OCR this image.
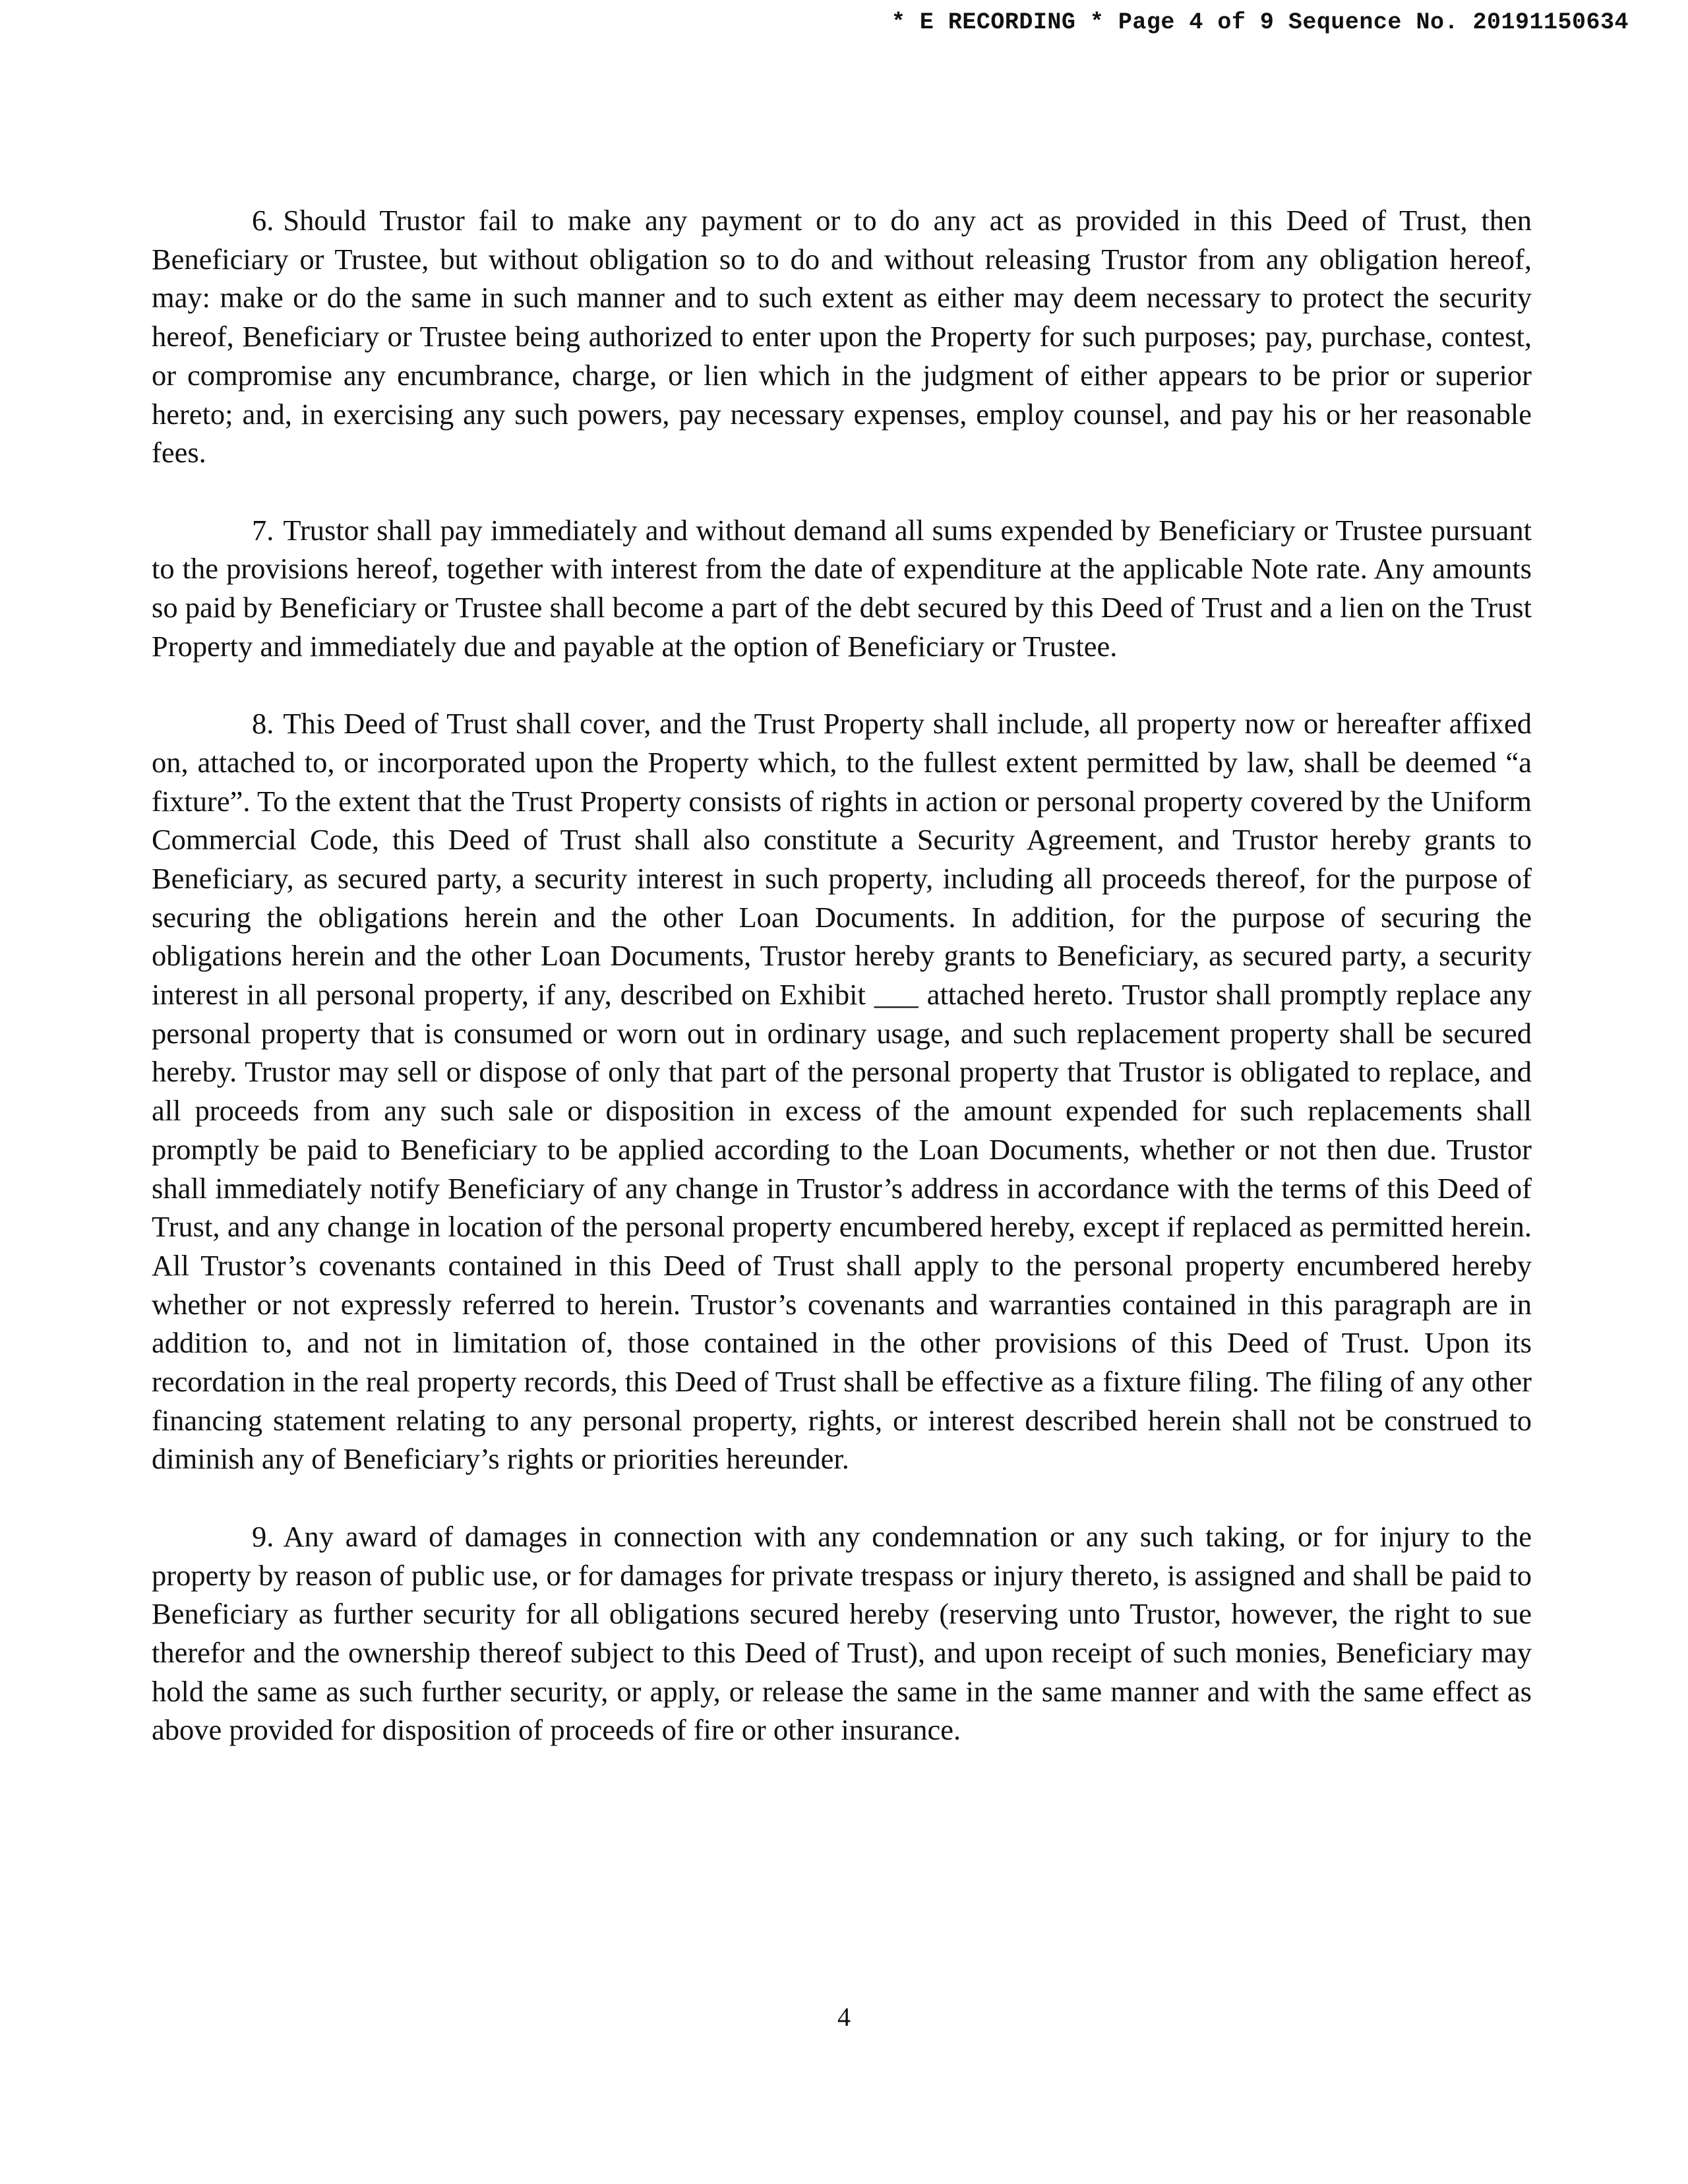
* E RECORDING * Page 4 of 9 Sequence No. 20191150634

6. Should Trustor fail to make any payment or to do any act as provided in this Deed of Trust, then Beneficiary or Trustee, but without obligation so to do and without releasing Trustor from any obligation hereof, may: make or do the same in such manner and to such extent as either may deem necessary to protect the security hereof, Beneficiary or Trustee being authorized to enter upon the Property for such purposes; pay, purchase, contest, or compromise any encumbrance, charge, or lien which in the judgment of either appears to be prior or superior hereto; and, in exercising any such powers, pay necessary expenses, employ counsel, and pay his or her reasonable fees.

7. Trustor shall pay immediately and without demand all sums expended by Beneficiary or Trustee pursuant to the provisions hereof, together with interest from the date of expenditure at the applicable Note rate. Any amounts so paid by Beneficiary or Trustee shall become a part of the debt secured by this Deed of Trust and a lien on the Trust Property and immediately due and payable at the option of Beneficiary or Trustee.

8. This Deed of Trust shall cover, and the Trust Property shall include, all property now or hereafter affixed on, attached to, or incorporated upon the Property which, to the fullest extent permitted by law, shall be deemed “a fixture”. To the extent that the Trust Property consists of rights in action or personal property covered by the Uniform Commercial Code, this Deed of Trust shall also constitute a Security Agreement, and Trustor hereby grants to Beneficiary, as secured party, a security interest in such property, including all proceeds thereof, for the purpose of securing the obligations herein and the other Loan Documents. In addition, for the purpose of securing the obligations herein and the other Loan Documents, Trustor hereby grants to Beneficiary, as secured party, a security interest in all personal property, if any, described on Exhibit ___ attached hereto. Trustor shall promptly replace any personal property that is consumed or worn out in ordinary usage, and such replacement property shall be secured hereby. Trustor may sell or dispose of only that part of the personal property that Trustor is obligated to replace, and all proceeds from any such sale or disposition in excess of the amount expended for such replacements shall promptly be paid to Beneficiary to be applied according to the Loan Documents, whether or not then due. Trustor shall immediately notify Beneficiary of any change in Trustor’s address in accordance with the terms of this Deed of Trust, and any change in location of the personal property encumbered hereby, except if replaced as permitted herein. All Trustor’s covenants contained in this Deed of Trust shall apply to the personal property encumbered hereby whether or not expressly referred to herein. Trustor’s covenants and warranties contained in this paragraph are in addition to, and not in limitation of, those contained in the other provisions of this Deed of Trust. Upon its recordation in the real property records, this Deed of Trust shall be effective as a fixture filing. The filing of any other financing statement relating to any personal property, rights, or interest described herein shall not be construed to diminish any of Beneficiary’s rights or priorities hereunder.

9. Any award of damages in connection with any condemnation or any such taking, or for injury to the property by reason of public use, or for damages for private trespass or injury thereto, is assigned and shall be paid to Beneficiary as further security for all obligations secured hereby (reserving unto Trustor, however, the right to sue therefor and the ownership thereof subject to this Deed of Trust), and upon receipt of such monies, Beneficiary may hold the same as such further security, or apply, or release the same in the same manner and with the same effect as above provided for disposition of proceeds of fire or other insurance.

4
